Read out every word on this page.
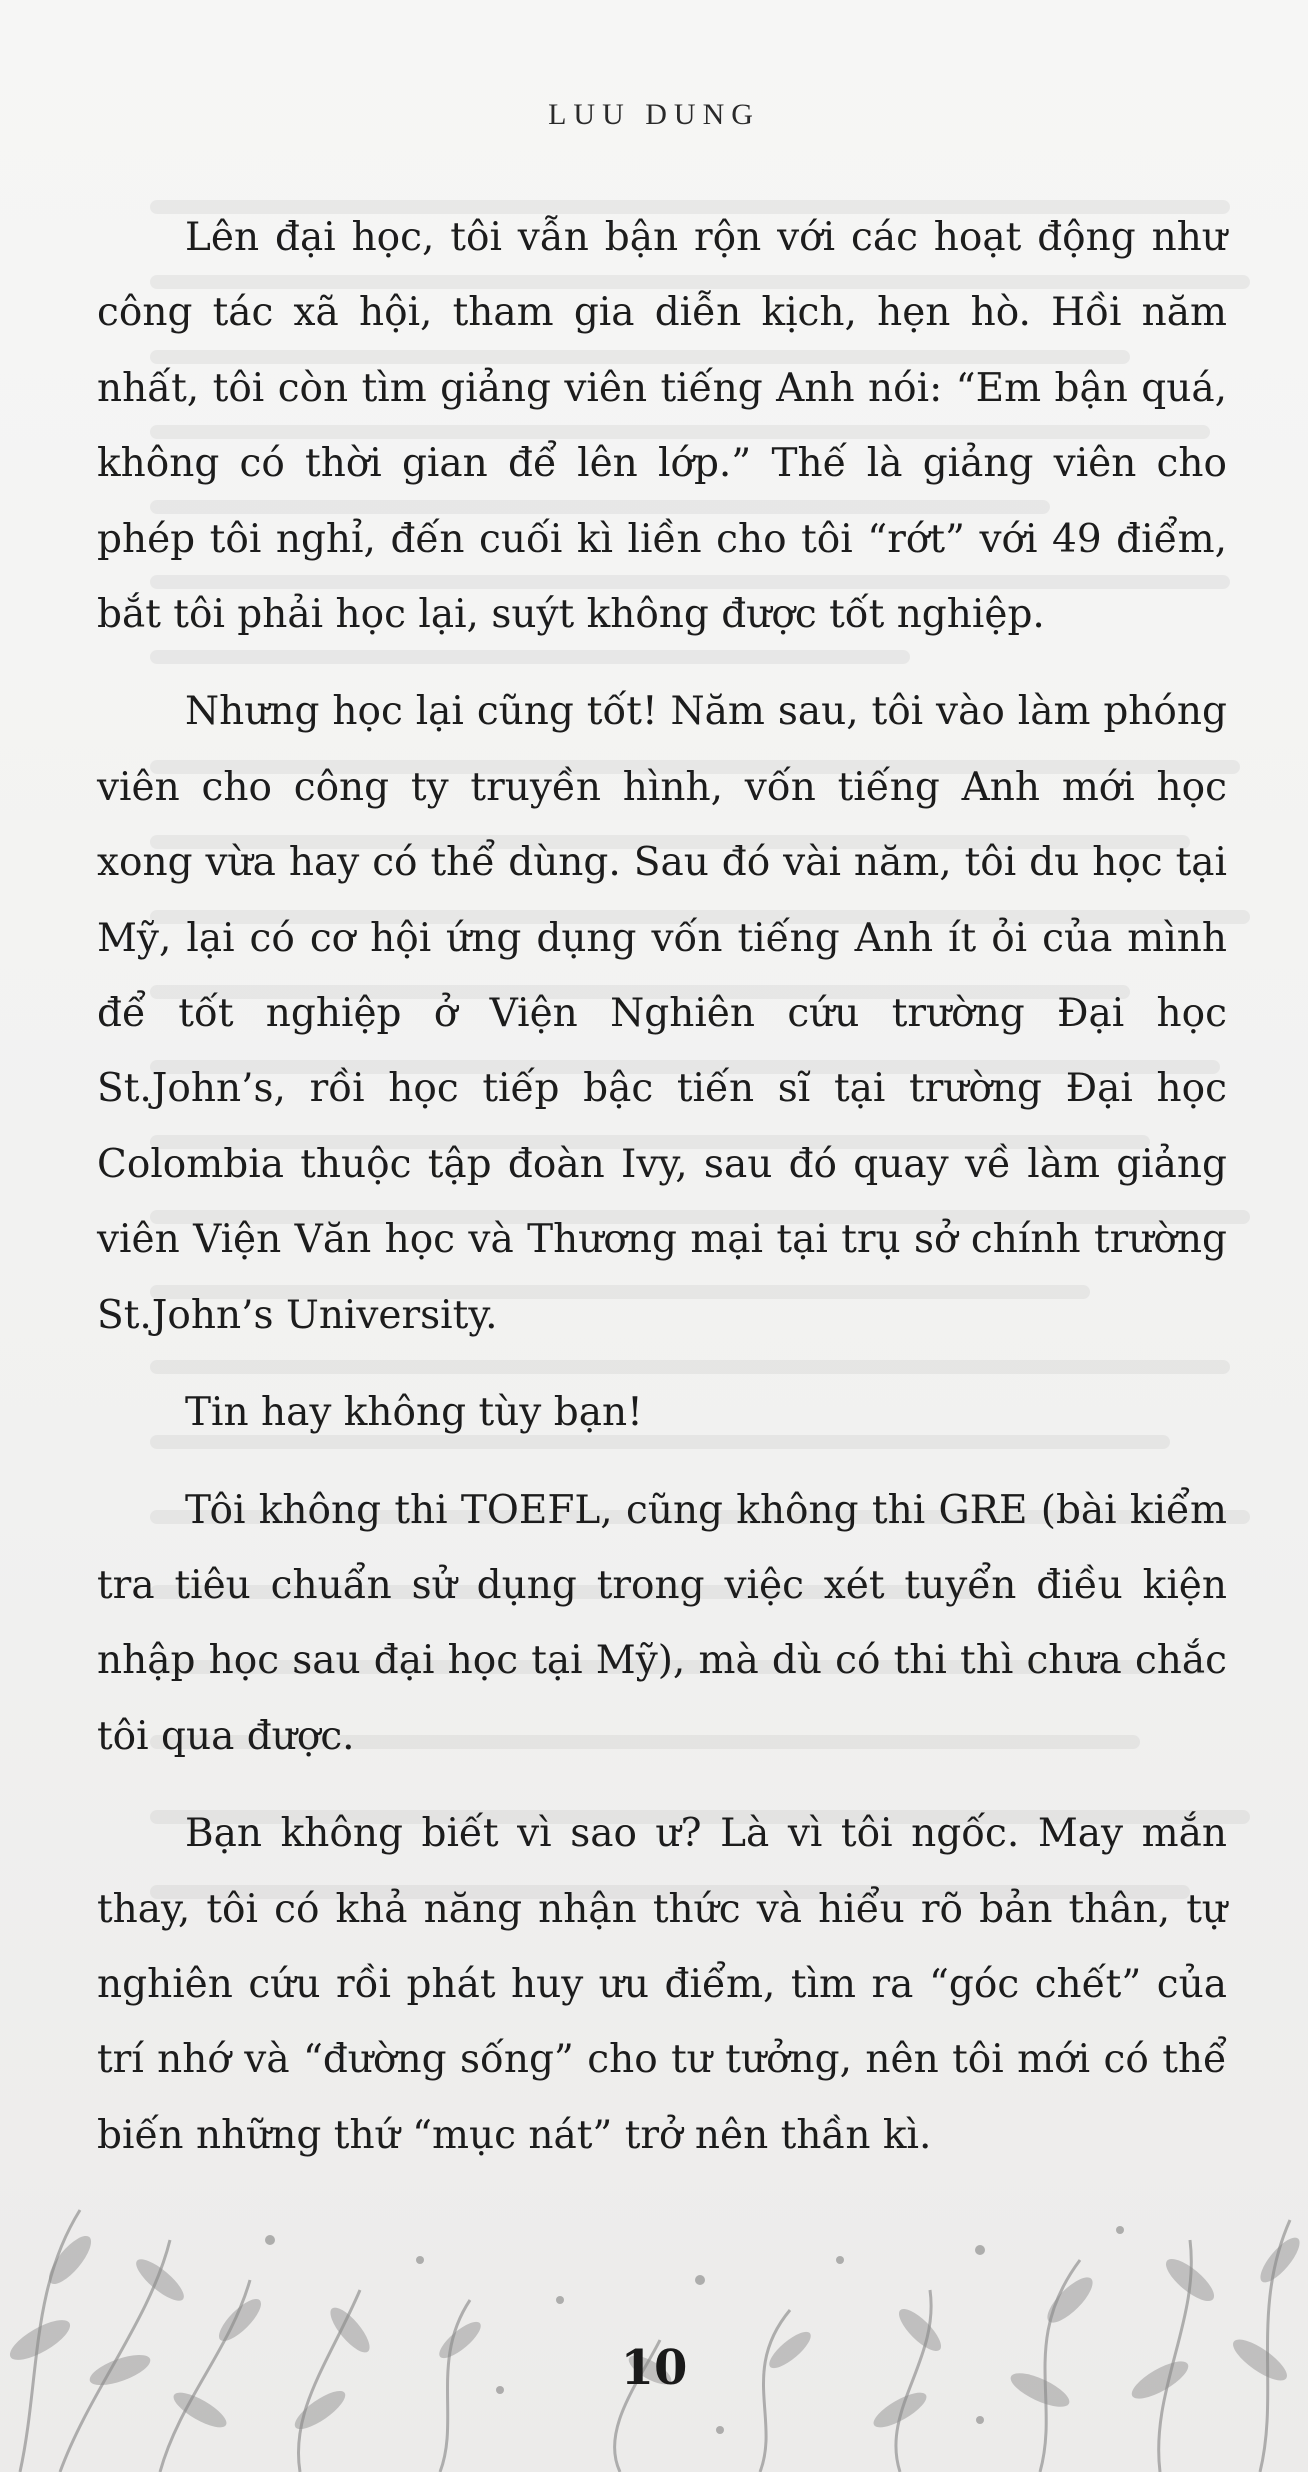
LUU DUNG

Lên đại học, tôi vẫn bận rộn với các hoạt động như công tác xã hội, tham gia diễn kịch, hẹn hò. Hồi năm nhất, tôi còn tìm giảng viên tiếng Anh nói: “Em bận quá, không có thời gian để lên lớp.” Thế là giảng viên cho phép tôi nghỉ, đến cuối kì liền cho tôi “rớt” với 49 điểm, bắt tôi phải học lại, suýt không được tốt nghiệp.

Nhưng học lại cũng tốt! Năm sau, tôi vào làm phóng viên cho công ty truyền hình, vốn tiếng Anh mới học xong vừa hay có thể dùng. Sau đó vài năm, tôi du học tại Mỹ, lại có cơ hội ứng dụng vốn tiếng Anh ít ỏi của mình để tốt nghiệp ở Viện Nghiên cứu trường Đại học St.John’s, rồi học tiếp bậc tiến sĩ tại trường Đại học Colombia thuộc tập đoàn Ivy, sau đó quay về làm giảng viên Viện Văn học và Thương mại tại trụ sở chính trường St.John’s University.

Tin hay không tùy bạn!

Tôi không thi TOEFL, cũng không thi GRE (bài kiểm tra tiêu chuẩn sử dụng trong việc xét tuyển điều kiện nhập học sau đại học tại Mỹ), mà dù có thi thì chưa chắc tôi qua được.

Bạn không biết vì sao ư? Là vì tôi ngốc. May mắn thay, tôi có khả năng nhận thức và hiểu rõ bản thân, tự nghiên cứu rồi phát huy ưu điểm, tìm ra “góc chết” của trí nhớ và “đường sống” cho tư tưởng, nên tôi mới có thể biến những thứ “mục nát” trở nên thần kì.

10
